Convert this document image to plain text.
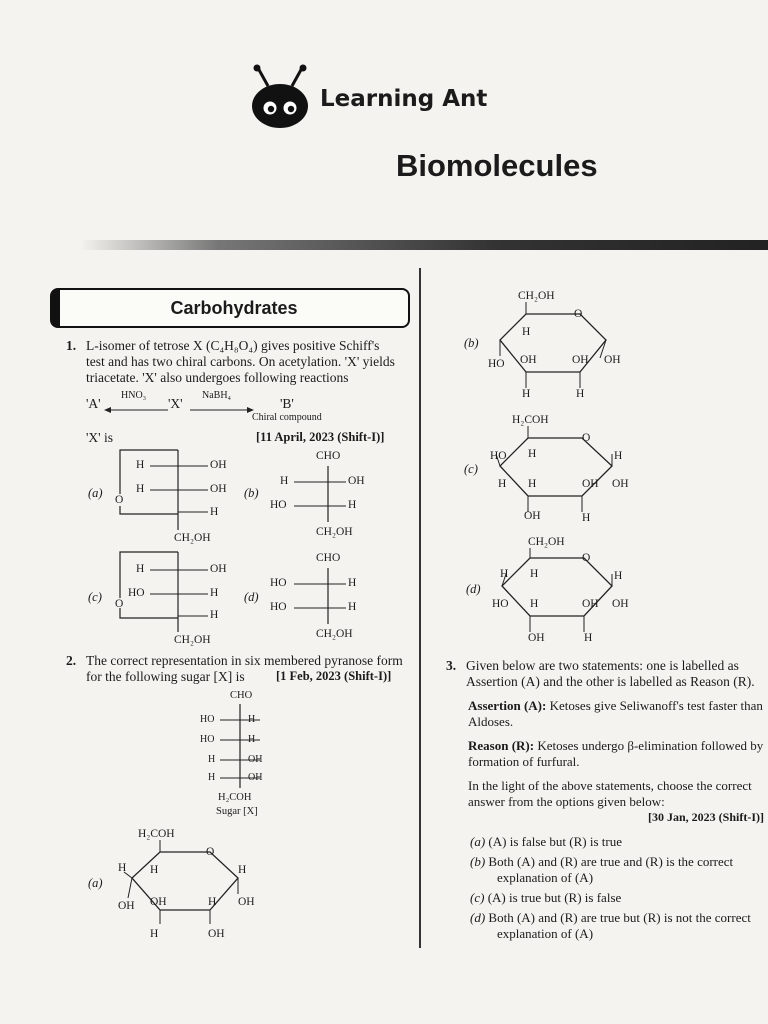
Learning Ant
Biomolecules
Carbohydrates
1. L-isomer of tetrose X (C₄H₈O₄) gives positive Schiff's
test and has two chiral carbons. On acetylation. 'X' yields
triacetate. 'X' also undergoes following reactions
'A'
HNO₃
'X'
NaBH₄
'B'
Chiral compound
'X' is	[11 April, 2023 (Shift-I)]
(a)
H	OH
H	OH
H
O
CH₂OH
(b)
CHO
H	OH
HO	H
CH₂OH
(c)
H	OH
HO	H
H
O
CH₂OH
(d)
CHO
HO	H
HO	H
CH₂OH
2. The correct representation in six membered pyranose form
for the following sugar [X] is	[1 Feb, 2023 (Shift-I)]
CHO
HO	H
HO	H
H	OH
H	OH
H₂COH
Sugar [X]
(a)
H₂COH
O
H H	H
OH OH	H OH
H	OH
(b)
CH₂OH
O
H
HO OH	OH OH
H	H
(c)
H₂COH
O
HO H	H
H H	OH OH
OH	H
(d)
CH₂OH
O
H H	H
HO H	OH OH
OH	H
3. Given below are two statements: one is labelled as
Assertion (A) and the other is labelled as Reason (R).
Assertion (A): Ketoses give Seliwanoff's test faster than
Aldoses.
Reason (R): Ketoses undergo β-elimination followed by
formation of furfural.
In the light of the above statements, choose the correct
answer from the options given below:
[30 Jan, 2023 (Shift-I)]
(a) (A) is false but (R) is true
(b) Both (A) and (R) are true and (R) is the correct
explanation of (A)
(c) (A) is true but (R) is false
(d) Both (A) and (R) are true but (R) is not the correct
explanation of (A)
